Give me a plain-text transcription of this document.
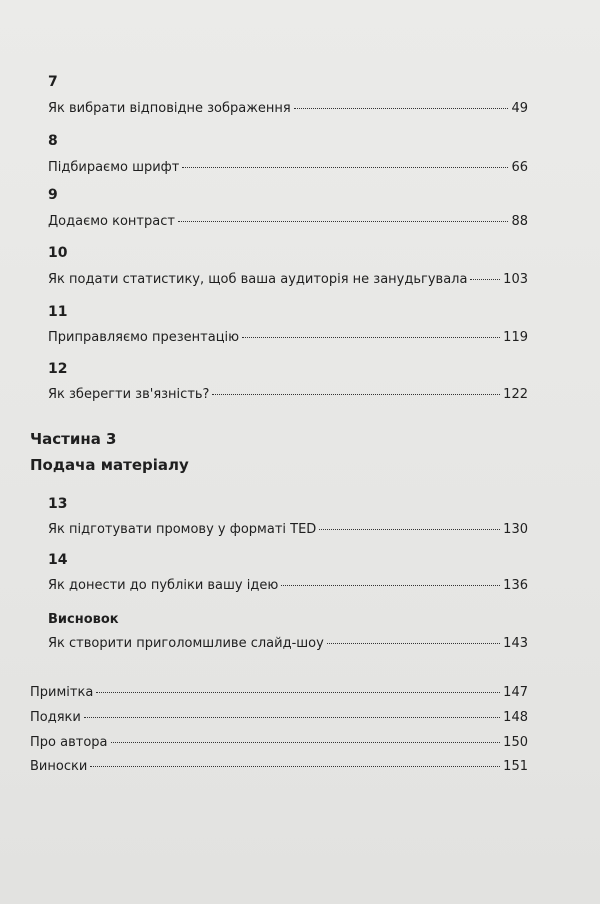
7
Як вибрати відповідне зображення	49
8
Підбираємо шрифт	66
9
Додаємо контраст	88
10
Як подати статистику, щоб ваша аудиторія не занудьгувала	103
11
Приправляємо презентацію	119
12
Як зберегти зв'язність?	122
Частина 3
Подача матеріалу
13
Як підготувати промову у форматі TED	130
14
Як донести до публіки вашу ідею	136
Висновок
Як створити приголомшливе слайд-шоу	143
Примітка	147
Подяки	148
Про автора	150
Виноски	151
